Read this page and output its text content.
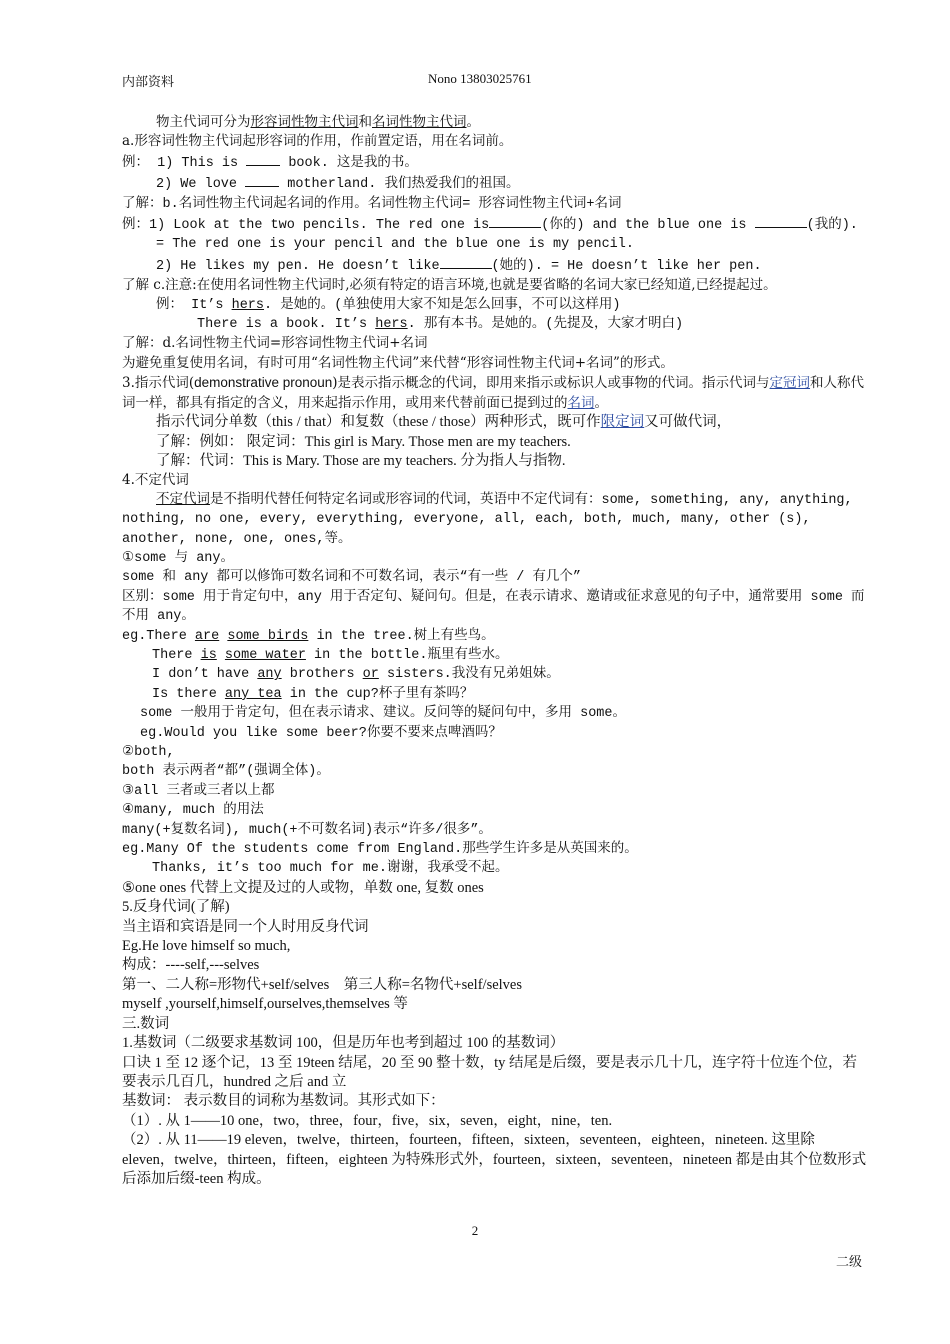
内部资料	Nono 13803025761
物主代词可分为形容词性物主代词和名词性物主代词。
a.形容词性物主代词起形容词的作用，作前置定语，用在名词前。
例： 1) This is	book. 这是我的书。
2) We love	motherland. 我们热爱我们的祖国。
了解：b.名词性物主代词起名词的作用。名词性物主代词= 形容词性物主代词+名词
例：1) Look at the two pencils. The red one is	(你的) and the blue one is	(我的).
= The red one is your pencil and the blue one is my pencil.
2) He likes my pen. He doesn’t like	(她的). = He doesn’t like her pen.
了解 c.注意:在使用名词性物主代词时,必须有特定的语言环境,也就是要省略的名词大家已经知道,已经提起过。
例： It’s hers. 是她的。(单独使用大家不知是怎么回事，不可以这样用)
There is a book. It’s hers. 那有本书。是她的。(先提及，大家才明白)
了解：d.名词性物主代词=形容词性物主代词+名词
为避免重复使用名词，有时可用“名词性物主代词”来代替“形容词性物主代词+名词”的形式。
3.指示代词(demonstrative pronoun)是表示指示概念的代词，即用来指示或标识人或事物的代词。指示代词与定冠词和人称代词一样，都具有指定的含义，用来起指示作用，或用来代替前面已提到过的名词。
指示代词分单数（this / that）和复数（these / those）两种形式，既可作限定词又可做代词，
了解：例如： 限定词：This girl is Mary. Those men are my teachers.
了解：代词：This is Mary. Those are my teachers. 分为指人与指物.
4.不定代词
不定代词是不指明代替任何特定名词或形容词的代词，英语中不定代词有：some, something, any, anything, nothing, no one, every, everything, everyone, all, each, both, much, many, other (s), another, none, one, ones,等。
①some 与 any。
some 和 any 都可以修饰可数名词和不可数名词，表示“有一些 / 有几个”
区别：some 用于肯定句中，any 用于否定句、疑问句。但是，在表示请求、邀请或征求意见的句子中，通常要用 some 而不用 any。
eg.There are some birds in the tree.树上有些鸟。
There is some water in the bottle.瓶里有些水。
I don’t have any brothers or sisters.我没有兄弟姐妹。
Is there any tea in the cup?杯子里有茶吗？
some 一般用于肯定句，但在表示请求、建议。反问等的疑问句中，多用 some。
eg.Would you like some beer?你要不要来点啤酒吗？
②both,
both 表示两者“都”(强调全体)。
③all 三者或三者以上都
④many, much 的用法
many(+复数名词), much(+不可数名词)表示“许多/很多”。
eg.Many Of the students come from England.那些学生许多是从英国来的。
Thanks, it’s too much for me.谢谢，我承受不起。
⑤one ones 代替上文提及过的人或物，单数 one, 复数 ones
5.反身代词(了解)
当主语和宾语是同一个人时用反身代词
Eg.He love himself so much,
构成：----self,---selves
第一、二人称=形物代+self/selves    第三人称=名物代+self/selves
myself ,yourself,himself,ourselves,themselves 等
三.数词
1.基数词（二级要求基数词 100，但是历年也考到超过 100 的基数词）
口诀 1 至 12 逐个记，13 至 19teen 结尾，20 至 90 整十数，ty 结尾是后缀，要是表示几十几，连字符十位连个位，若要表示几百几，hundred 之后 and 立
基数词： 表示数目的词称为基数词。其形式如下：
（1）. 从 1——10 one，two，three，four，five，six，seven，eight，nine，ten.
（2）. 从 11——19 eleven，twelve，thirteen，fourteen，fifteen，sixteen，seventeen，eighteen，nineteen. 这里除 eleven，twelve，thirteen，fifteen，eighteen 为特殊形式外，fourteen，sixteen，seventeen，nineteen 都是由其个位数形式后添加后缀-teen 构成。
2
二级
